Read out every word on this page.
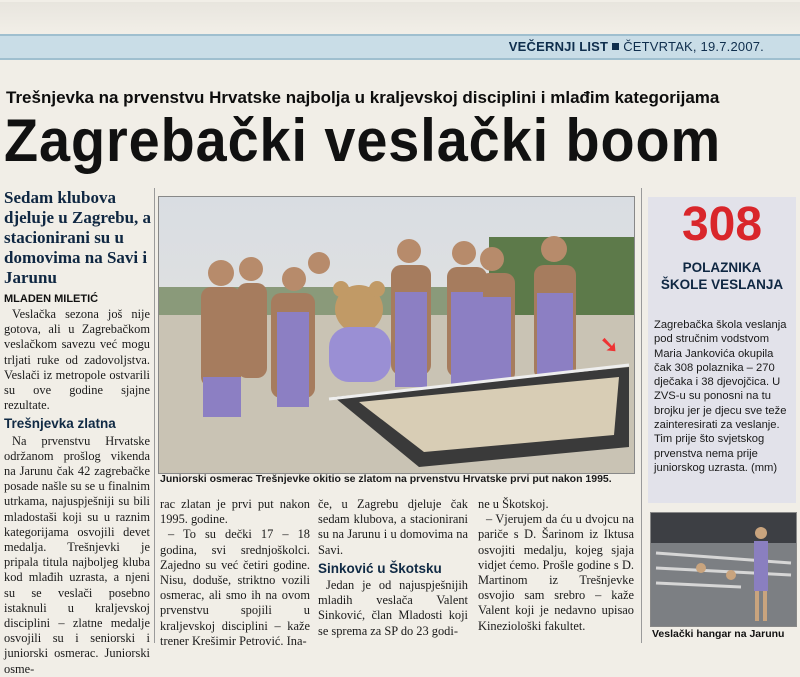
VEČERNJI LIST ČETVRTAK, 19.7.2007.
Trešnjevka na prvenstvu Hrvatske najbolja u kraljevskoj disciplini i mlađim kategorijama
Zagrebački veslački boom
Sedam klubova djeluje u Zagrebu, a stacionirani su u domovima na Savi i Jarunu
MLADEN MILETIĆ

Veslačka sezona još nije gotova, ali u Zagrebačkom veslačkom savezu već mogu trljati ruke od zadovoljstva. Veslači iz metropole ostvarili su ove godine sjajne rezultate.

Trešnjevka zlatna

Na prvenstvu Hrvatske održanom prošlog vikenda na Jarunu čak 42 zagrebačke posade našle su se u finalnim utrkama, najuspješniji su bili mladostaši koji su u raznim kategorijama osvojili devet medalja. Trešnjevki je pripala titula najboljeg kluba kod mlađih uzrasta, a njeni su se veslači posebno istaknuli u kraljevskoj disciplini – zlatne medalje osvojili su i seniorski i juniorski osmerac. Juniorski osme-

➘
Juniorski osmerac Trešnjevke okitio se zlatom na prvenstvu Hrvatske prvi put nakon 1995.

rac zlatan je prvi put nakon 1995. godine.

– To su dečki 17 – 18 godina, svi srednjoškolci. Zajedno su već četiri godine. Nisu, doduše, striktno vozili osmerac, ali smo ih na ovom prvenstvu spojili u kraljevskoj disciplini – kaže trener Krešimir Petrović. Ina-

če, u Zagrebu djeluje čak sedam klubova, a stacionirani su na Jarunu i u domovima na Savi.

Sinković u Škotsku

Jedan je od najuspješnijih mladih veslača Valent Sinković, član Mladosti koji se sprema za SP do 23 godi-

ne u Škotskoj.

– Vjerujem da ću u dvojcu na pariče s D. Šarinom iz Iktusa osvojiti medalju, kojeg sjaja vidjet ćemo. Prošle godine s D. Martinom iz Trešnjevke osvojio sam srebro – kaže Valent koji je nedavno upisao Kineziološki fakultet.

308
POLAZNIKA
ŠKOLE VESLANJA
Zagrebačka škola veslanja pod stručnim vodstvom Maria Jankovića okupila čak 308 polaznika – 270 dječaka i 38 djevojčica. U ZVS-u su ponosni na tu brojku jer je djecu sve teže zainteresirati za veslanje. Tim prije što svjetskog prvenstva nema prije juniorskog uzrasta. (mm)
Veslački hangar na Jarunu
